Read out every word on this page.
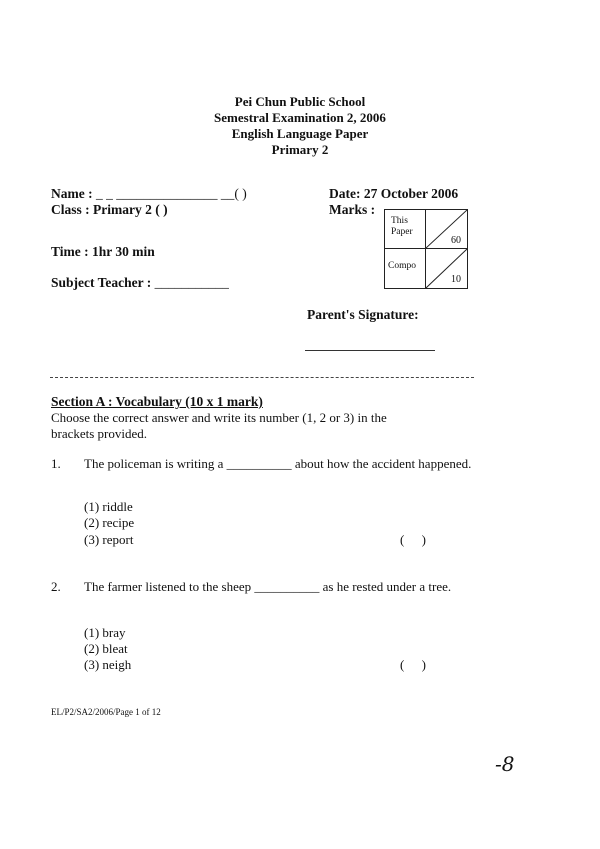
Pei Chun Public School
Semestral Examination 2, 2006
English Language Paper
Primary 2
Name : _ _ _______________ __( )	Date: 27 October 2006
Class : Primary 2 ( )	Marks :
This Paper
60
Compo
10
Time : 1hr 30 min
Subject Teacher : ___________
Parent's Signature:
Section A : Vocabulary (10 x 1 mark)
Choose the correct answer and write its number (1, 2 or 3) in the brackets provided.
1. The policeman is writing a __________ about how the accident happened.
(1) riddle
(2) recipe
(3) report	( )
2. The farmer listened to the sheep __________ as he rested under a tree.
(1) bray
(2) bleat
(3) neigh	( )
EL/P2/SA2/2006/Page 1 of 12
-8
